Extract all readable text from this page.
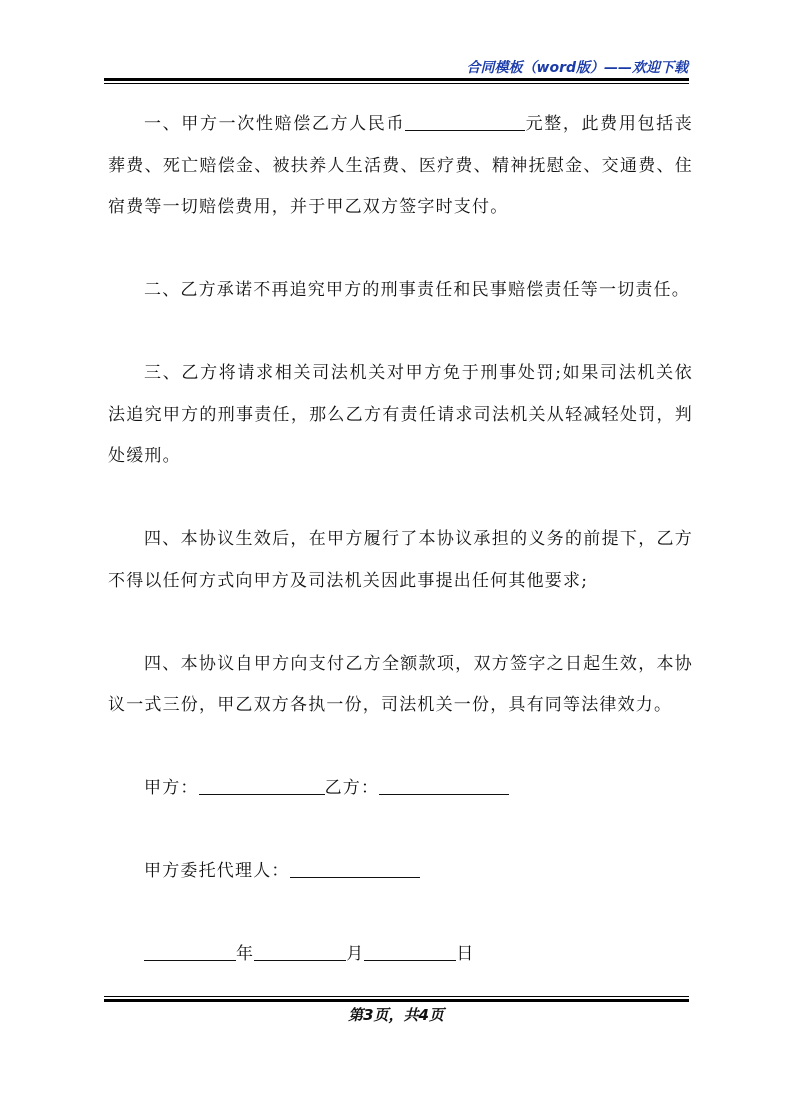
合同模板（word版）——欢迎下载

一、甲方一次性赔偿乙方人民币	元整，此费用包括丧葬费、死亡赔偿金、被扶养人生活费、医疗费、精神抚慰金、交通费、住宿费等一切赔偿费用，并于甲乙双方签字时支付。

二、乙方承诺不再追究甲方的刑事责任和民事赔偿责任等一切责任。

三、乙方将请求相关司法机关对甲方免于刑事处罚;如果司法机关依法追究甲方的刑事责任，那么乙方有责任请求司法机关从轻减轻处罚，判处缓刑。

四、本协议生效后，在甲方履行了本协议承担的义务的前提下，乙方不得以任何方式向甲方及司法机关因此事提出任何其他要求;

四、本协议自甲方向支付乙方全额款项，双方签字之日起生效，本协议一式三份，甲乙双方各执一份，司法机关一份，具有同等法律效力。

甲方：	乙方：

甲方委托代理人：

年	月	日

第3页，共4页
